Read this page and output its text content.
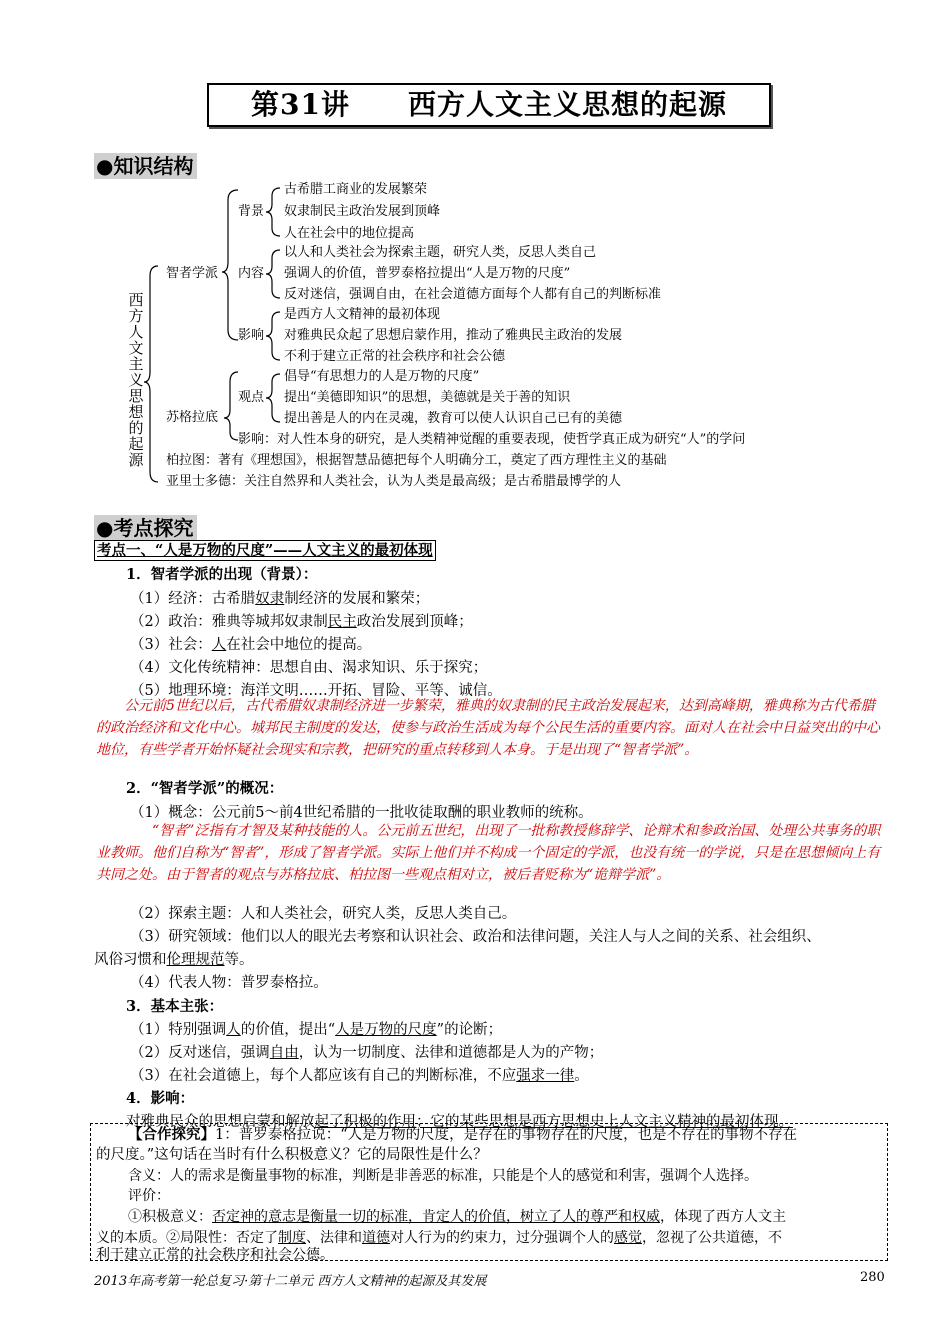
第31讲　　西方人文主义思想的起源
●知识结构
西
方
人
文
主
义
思
想
的
起
源
智者学派
背景
古希腊工商业的发展繁荣
奴隶制民主政治发展到顶峰
人在社会中的地位提高
内容
以人和人类社会为探索主题，研究人类，反思人类自己
强调人的价值，普罗泰格拉提出“人是万物的尺度”
反对迷信，强调自由，在社会道德方面每个人都有自己的判断标准
影响
是西方人文精神的最初体现
对雅典民众起了思想启蒙作用，推动了雅典民主政治的发展
不利于建立正常的社会秩序和社会公德
苏格拉底
观点
倡导“有思想力的人是万物的尺度”
提出“美德即知识”的思想，美德就是关于善的知识
提出善是人的内在灵魂，教育可以使人认识自己已有的美德
影响：对人性本身的研究，是人类精神觉醒的重要表现，使哲学真正成为研究“人”的学问
柏拉图：著有《理想国》，根据智慧品德把每个人明确分工，奠定了西方理性主义的基础
亚里士多德：关注自然界和人类社会，认为人类是最高级；是古希腊最博学的人
●考点探究
考点一、“人是万物的尺度”——人文主义的最初体现
1．智者学派的出现（背景）：
（1）经济：古希腊奴隶制经济的发展和繁荣；
（2）政治：雅典等城邦奴隶制民主政治发展到顶峰；
（3）社会：人在社会中地位的提高。
（4）文化传统精神：思想自由、渴求知识、乐于探究；
（5）地理环境：海洋文明……开拓、冒险、平等、诚信。
公元前5世纪以后，古代希腊奴隶制经济进一步繁荣，雅典的奴隶制的民主政治发展起来，达到高峰期，雅典称为古代希腊的政治经济和文化中心。城邦民主制度的发达，使参与政治生活成为每个公民生活的重要内容。面对人在社会中日益突出的中心地位，有些学者开始怀疑社会现实和宗教，把研究的重点转移到人本身。于是出现了“智者学派”。
2．“智者学派”的概况：
（1）概念：公元前5～前4世纪希腊的一批收徒取酬的职业教师的统称。
“智者”泛指有才智及某种技能的人。公元前五世纪，出现了一批称教授修辞学、论辩术和参政治国、处理公共事务的职业教师。他们自称为“智者”，形成了智者学派。实际上他们并不构成一个固定的学派，也没有统一的学说，只是在思想倾向上有共同之处。由于智者的观点与苏格拉底、柏拉图一些观点相对立，被后者贬称为“诡辩学派”。
（2）探索主题：人和人类社会，研究人类，反思人类自己。
（3）研究领域：他们以人的眼光去考察和认识社会、政治和法律问题，关注人与人之间的关系、社会组织、
风俗习惯和伦理规范等。
（4）代表人物：普罗泰格拉。
3．基本主张：
（1）特别强调人的价值，提出“人是万物的尺度”的论断；
（2）反对迷信，强调自由，认为一切制度、法律和道德都是人为的产物；
（3）在社会道德上，每个人都应该有自己的判断标准，不应强求一律。
4．影响：
对雅典民众的思想启蒙和解放起了积极的作用；它的某些思想是西方思想史上人文主义精神的最初体现。
【合作探究】1：普罗泰格拉说：“人是万物的尺度，是存在的事物存在的尺度，也是不存在的事物不存在
的尺度。”这句话在当时有什么积极意义？它的局限性是什么？
含义：人的需求是衡量事物的标准，判断是非善恶的标准，只能是个人的感觉和利害，强调个人选择。
评价：
①积极意义：否定神的意志是衡量一切的标准，肯定人的价值，树立了人的尊严和权威，体现了西方人文主
义的本质。②局限性：否定了制度、法律和道德对人行为的约束力，过分强调个人的感觉，忽视了公共道德，不
利于建立正常的社会秩序和社会公德。
2013年高考第一轮总复习·第十二单元 西方人文精神的起源及其发展	280
